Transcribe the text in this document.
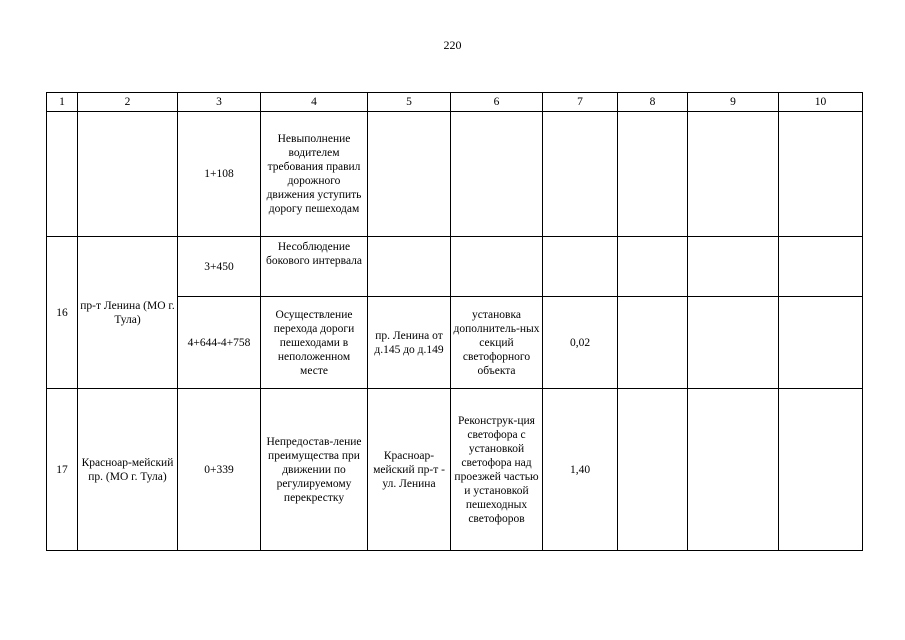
220
1	2	3	4	5	6	7	8	9	10
		1+108	Невыполнение водителем требования правил дорожного движения уступить дорогу пешеходам						
16	пр-т Ленина (МО г. Тула)	3+450	Несоблюдение бокового интервала						
		4+644-4+758	Осуществление перехода дороги пешеходами в неположенном месте	пр. Ленина от д.145 до д.149	установка дополнитель-ных секций светофорного объекта	0,02			
17	Красноар-мейский пр. (МО г. Тула)	0+339	Непредостав-ление преимущества при движении по регулируемому перекрестку	Красноар-мейский пр-т - ул. Ленина	Реконструк-ция светофора с установкой светофора над проезжей частью и установкой пешеходных светофоров	1,40			
